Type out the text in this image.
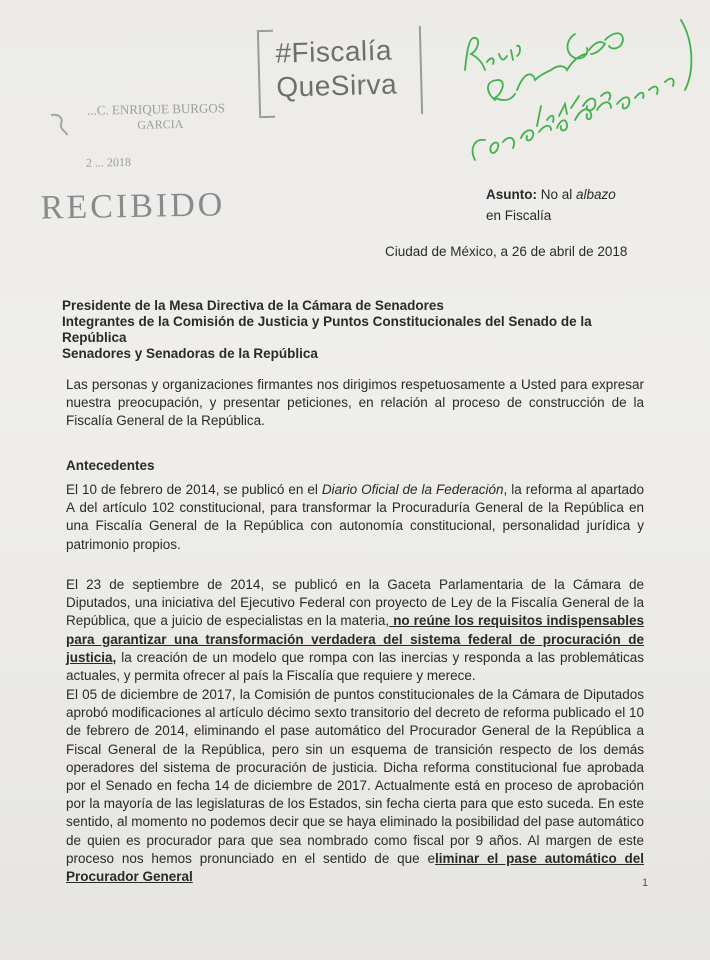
#Fiscalía
QueSirva
...C. ENRIQUE BURGOS
GARCIA
2 ... 2018
RECIBIDO	Asunto: No al albazo
en Fiscalía
Ciudad de México, a 26 de abril de 2018
Presidente de la Mesa Directiva de la Cámara de Senadores
Integrantes de la Comisión de Justicia y Puntos Constitucionales del Senado de la República
Senadores y Senadoras de la República
Las personas y organizaciones firmantes nos dirigimos respetuosamente a Usted para expresar nuestra preocupación, y presentar peticiones, en relación al proceso de construcción de la Fiscalía General de la República.
Antecedentes
El 10 de febrero de 2014, se publicó en el Diario Oficial de la Federación, la reforma al apartado A del artículo 102 constitucional, para transformar la Procuraduría General de la República en una Fiscalía General de la República con autonomía constitucional, personalidad jurídica y patrimonio propios.
El 23 de septiembre de 2014, se publicó en la Gaceta Parlamentaria de la Cámara de Diputados, una iniciativa del Ejecutivo Federal con proyecto de Ley de la Fiscalía General de la República, que a juicio de especialistas en la materia, no reúne los requisitos indispensables para garantizar una transformación verdadera del sistema federal de procuración de justicia, la creación de un modelo que rompa con las inercias y responda a las problemáticas actuales, y permita ofrecer al país la Fiscalía que requiere y merece.
El 05 de diciembre de 2017, la Comisión de puntos constitucionales de la Cámara de Diputados aprobó modificaciones al artículo décimo sexto transitorio del decreto de reforma publicado el 10 de febrero de 2014, eliminando el pase automático del Procurador General de la República a Fiscal General de la República, pero sin un esquema de transición respecto de los demás operadores del sistema de procuración de justicia. Dicha reforma constitucional fue aprobada por el Senado en fecha 14 de diciembre de 2017. Actualmente está en proceso de aprobación por la mayoría de las legislaturas de los Estados, sin fecha cierta para que esto suceda. En este sentido, al momento no podemos decir que se haya eliminado la posibilidad del pase automático de quien es procurador para que sea nombrado como fiscal por 9 años. Al margen de este proceso nos hemos pronunciado en el sentido de que eliminar el pase automático del Procurador General	1
